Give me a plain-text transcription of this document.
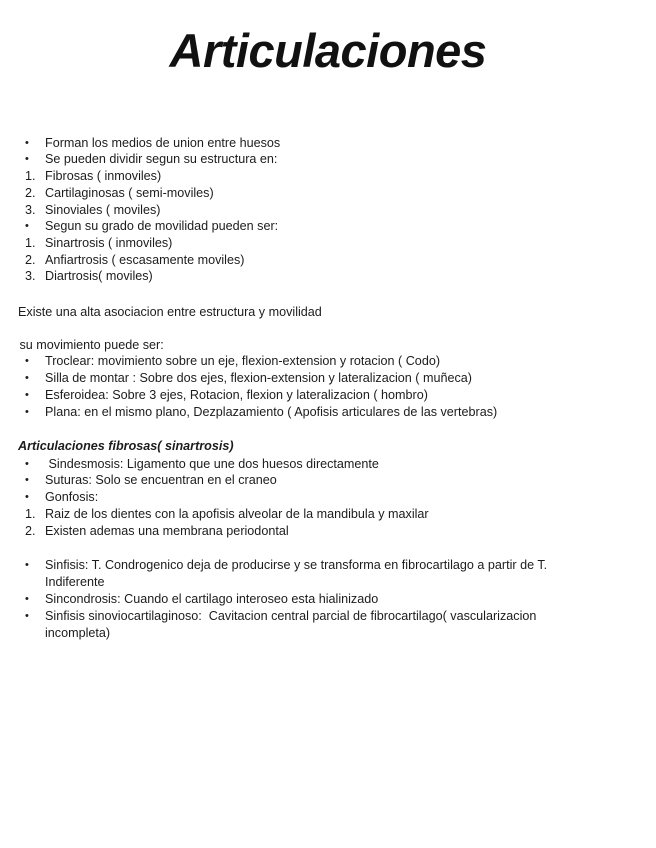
Articulaciones
• Forman los medios de union entre huesos
• Se pueden dividir segun su estructura en:
1. Fibrosas ( inmoviles)
2. Cartilaginosas ( semi-moviles)
3. Sinoviales ( moviles)
• Segun su grado de movilidad pueden ser:
1. Sinartrosis ( inmoviles)
2. Anfiartrosis ( escasamente moviles)
3. Diartrosis( moviles)
Existe una alta asociacion entre estructura y movilidad
su movimiento puede ser:
• Troclear: movimiento sobre un eje, flexion-extension y rotacion ( Codo)
• Silla de montar : Sobre dos ejes, flexion-extension y lateralizacion ( muñeca)
• Esferoidea: Sobre 3 ejes, Rotacion, flexion y lateralizacion ( hombro)
• Plana: en el mismo plano, Dezplazamiento ( Apofisis articulares de las vertebras)
Articulaciones fibrosas( sinartrosis)
• Sindesmosis: Ligamento que une dos huesos directamente
• Suturas: Solo se encuentran en el craneo
• Gonfosis:
1. Raiz de los dientes con la apofisis alveolar de la mandibula y maxilar
2. Existen ademas una membrana periodontal
• Sinfisis: T. Condrogenico deja de producirse y se transforma en fibrocartilago a partir de T.
Indiferente
• Sincondrosis: Cuando el cartilago interoseo esta hialinizado
• Sinfisis sinoviocartilaginoso:  Cavitacion central parcial de fibrocartilago( vascularizacion
incompleta)
